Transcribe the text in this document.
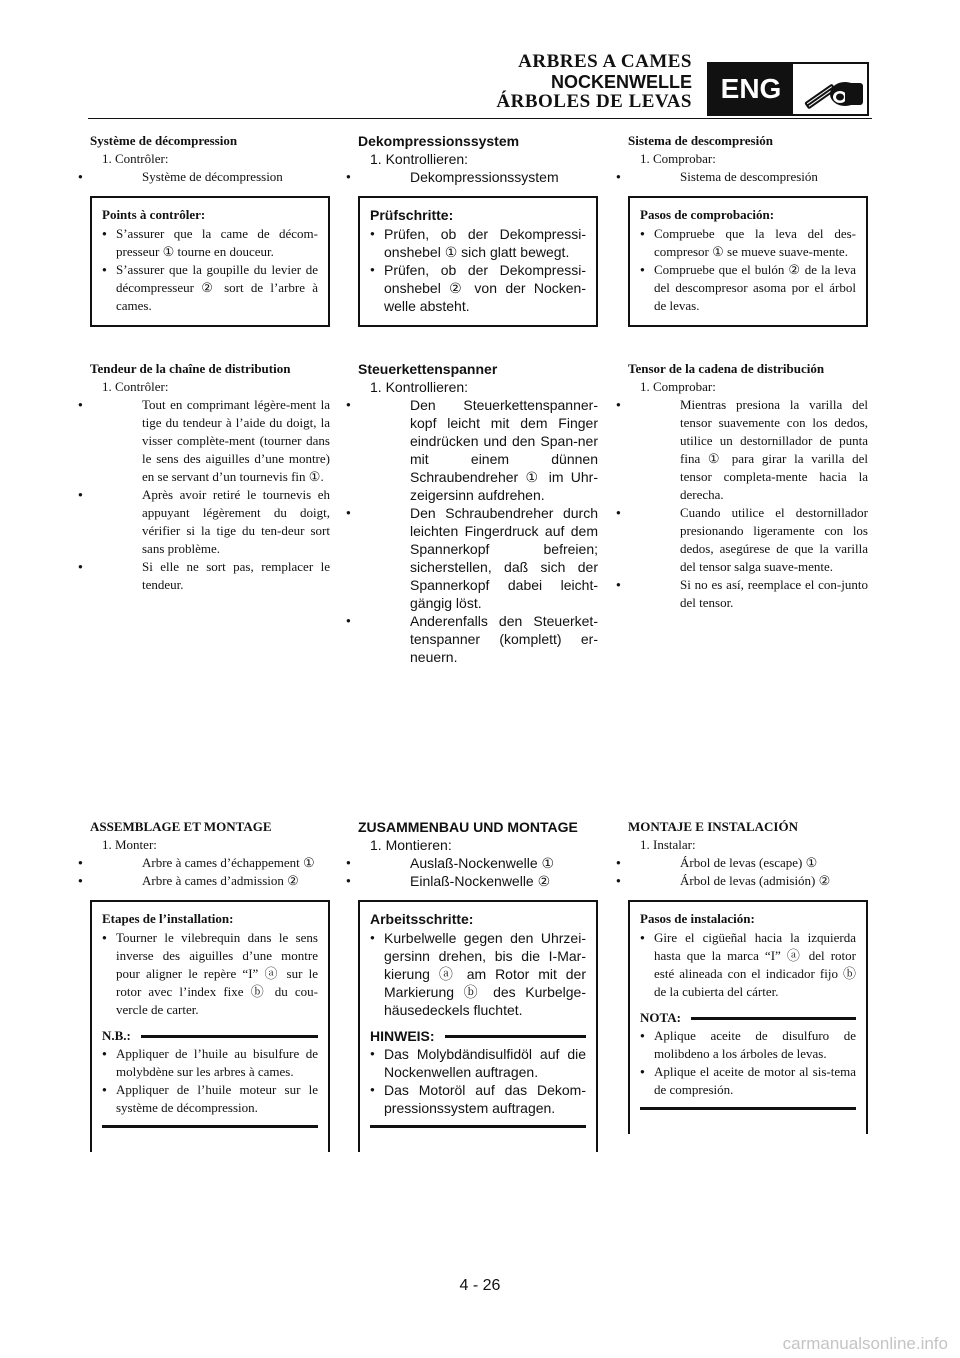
ARBRES A CAMES
NOCKENWELLE
ÁRBOLES DE LEVAS	ENG
Système de décompression
1. Contrôler:
● Système de décompression
Points à contrôler:
● S’assurer que la came de décom-presseur ① tourne en douceur.
● S’assurer que la goupille du levier de décompresseur ② sort de l’arbre à cames.
Tendeur de la chaîne de distribution
1. Contrôler:
● Tout en comprimant légère-ment la tige du tendeur à l’aide du doigt, la visser complète-ment (tourner dans le sens des aiguilles d’une montre) en se servant d’un tournevis fin ①.
● Après avoir retiré le tournevis eh appuyant légèrement du doigt, vérifier si la tige du ten-deur sort sans problème.
● Si elle ne sort pas, remplacer le tendeur.
ASSEMBLAGE ET MONTAGE
1. Monter:
● Arbre à cames d’échappement ①
● Arbre à cames d’admission ②
Etapes de l’installation:
● Tourner le vilebrequin dans le sens inverse des aiguilles d’une montre pour aligner le repère “I” ⓐ sur le rotor avec l’index fixe ⓑ du cou-vercle de carter.
N.B.:
● Appliquer de l’huile au bisulfure de molybdène sur les arbres à cames.
● Appliquer de l’huile moteur sur le système de décompression.
Dekompressionssystem
1. Kontrollieren:
● Dekompressionssystem
Prüfschritte:
● Prüfen, ob der Dekompressi-onshebel ① sich glatt bewegt.
● Prüfen, ob der Dekompressi-onshebel ② von der Nocken-welle absteht.
Steuerkettenspanner
1. Kontrollieren:
● Den Steuerkettenspanner-kopf leicht mit dem Finger eindrücken und den Span-ner mit einem dünnen Schraubendreher ① im Uhr-zeigersinn aufdrehen.
● Den Schraubendreher durch leichten Fingerdruck auf dem Spannerkopf befreien; sicherstellen, daß sich der Spannerkopf dabei leicht-gängig löst.
● Anderenfalls den Steuerket-tenspanner (komplett) er-neuern.
ZUSAMMENBAU UND MONTAGE
1. Montieren:
● Auslaß-Nockenwelle ①
● Einlaß-Nockenwelle ②
Arbeitsschritte:
● Kurbelwelle gegen den Uhrzei-gersinn drehen, bis die I-Mar-kierung ⓐ am Rotor mit der Markierung ⓑ des Kurbelge-häusedeckels fluchtet.
HINWEIS:
● Das Molybdändisulfidöl auf die Nockenwellen auftragen.
● Das Motoröl auf das Dekom-pressionssystem auftragen.
Sistema de descompresión
1. Comprobar:
● Sistema de descompresión
Pasos de comprobación:
● Compruebe que la leva del des-compresor ① se mueve suave-mente.
● Compruebe que el bulón ② de la leva del descompresor asoma por el árbol de levas.
Tensor de la cadena de distribución
1. Comprobar:
● Mientras presiona la varilla del tensor suavemente con los dedos, utilice un destornillador de punta fina ① para girar la varilla del tensor completa-mente hacia la derecha.
● Cuando utilice el destornillador presionando ligeramente con los dedos, asegúrese de que la varilla del tensor salga suave-mente.
● Si no es así, reemplace el con-junto del tensor.
MONTAJE E INSTALACIÓN
1. Instalar:
● Árbol de levas (escape) ①
● Árbol de levas (admisión) ②
Pasos de instalación:
● Gire el cigüeñal hacia la izquierda hasta que la marca “I” ⓐ del rotor esté alineada con el indicador fijo ⓑ de la cubierta del cárter.
NOTA:
● Aplique aceite de disulfuro de molibdeno a los árboles de levas.
● Aplique el aceite de motor al sis-tema de compresión.
4 - 26
carmanualsonline.info
